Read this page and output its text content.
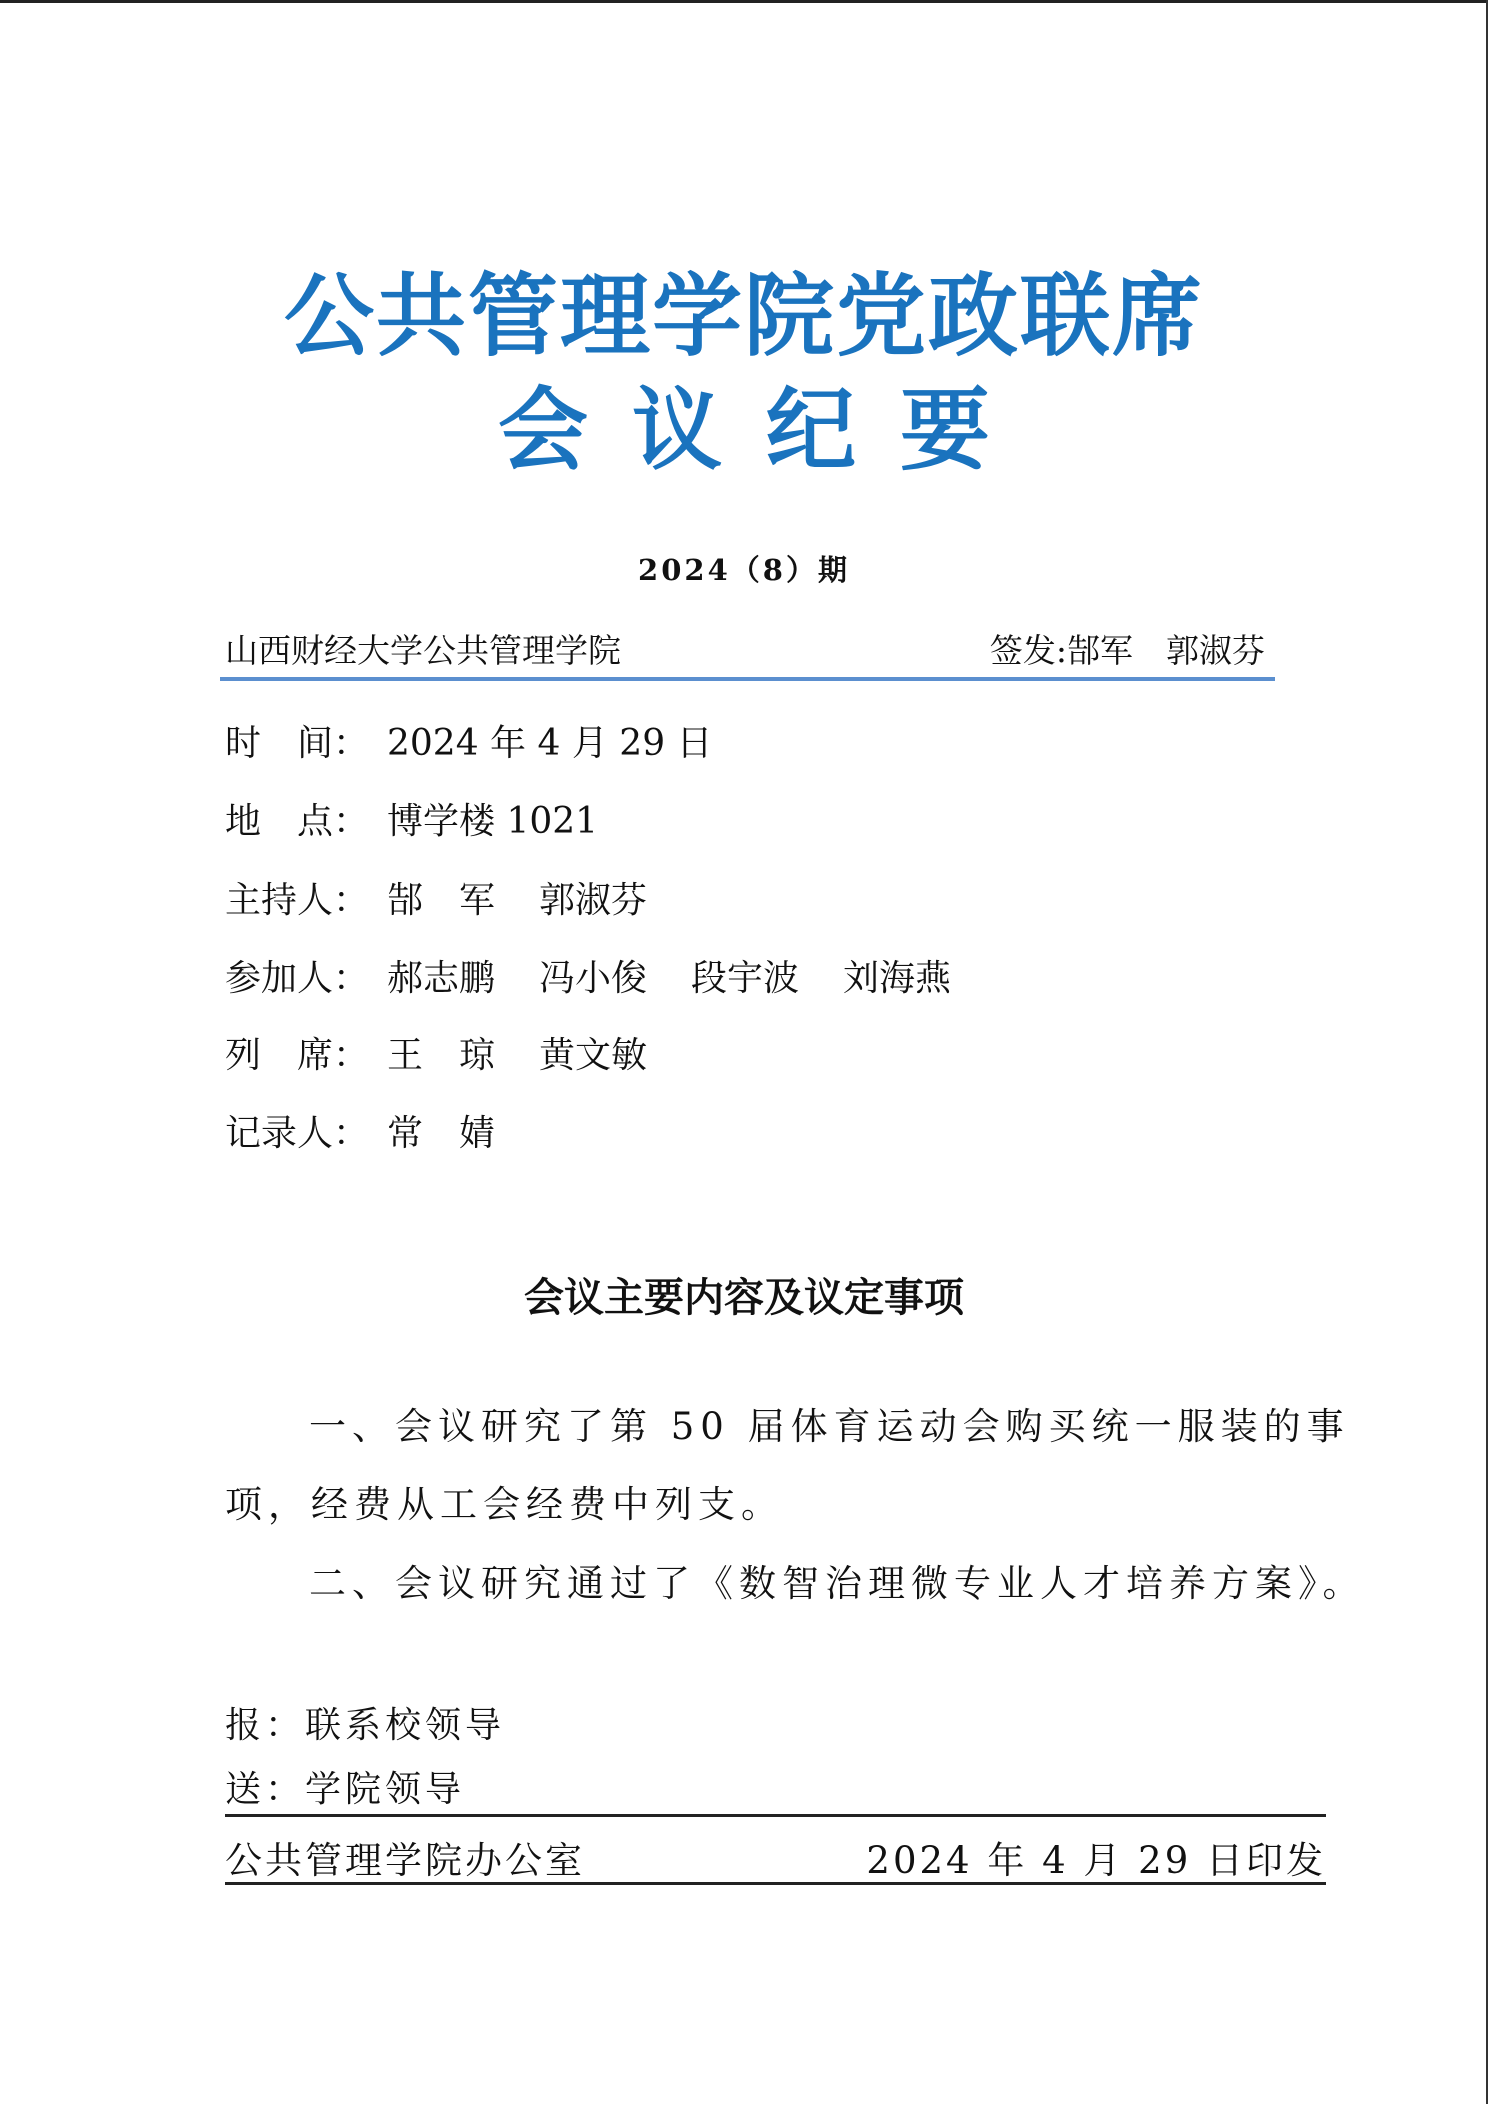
公共管理学院党政联席
会议纪要
2024（8）期
山西财经大学公共管理学院	签发:郜军　郭淑芬
时　间： 2024 年 4 月 29 日
地　点： 博学楼 1021
主持人： 郜　军 郭淑芬
参加人： 郝志鹏 冯小俊 段宇波 刘海燕
列　席： 王　琼 黄文敏
记录人： 常　婧
会议主要内容及议定事项
一、会议研究了第 50 届体育运动会购买统一服装的事
项，经费从工会经费中列支。
二、会议研究通过了《数智治理微专业人才培养方案》。
报：联系校领导
送：学院领导
公共管理学院办公室	2024 年 4 月 29 日印发
